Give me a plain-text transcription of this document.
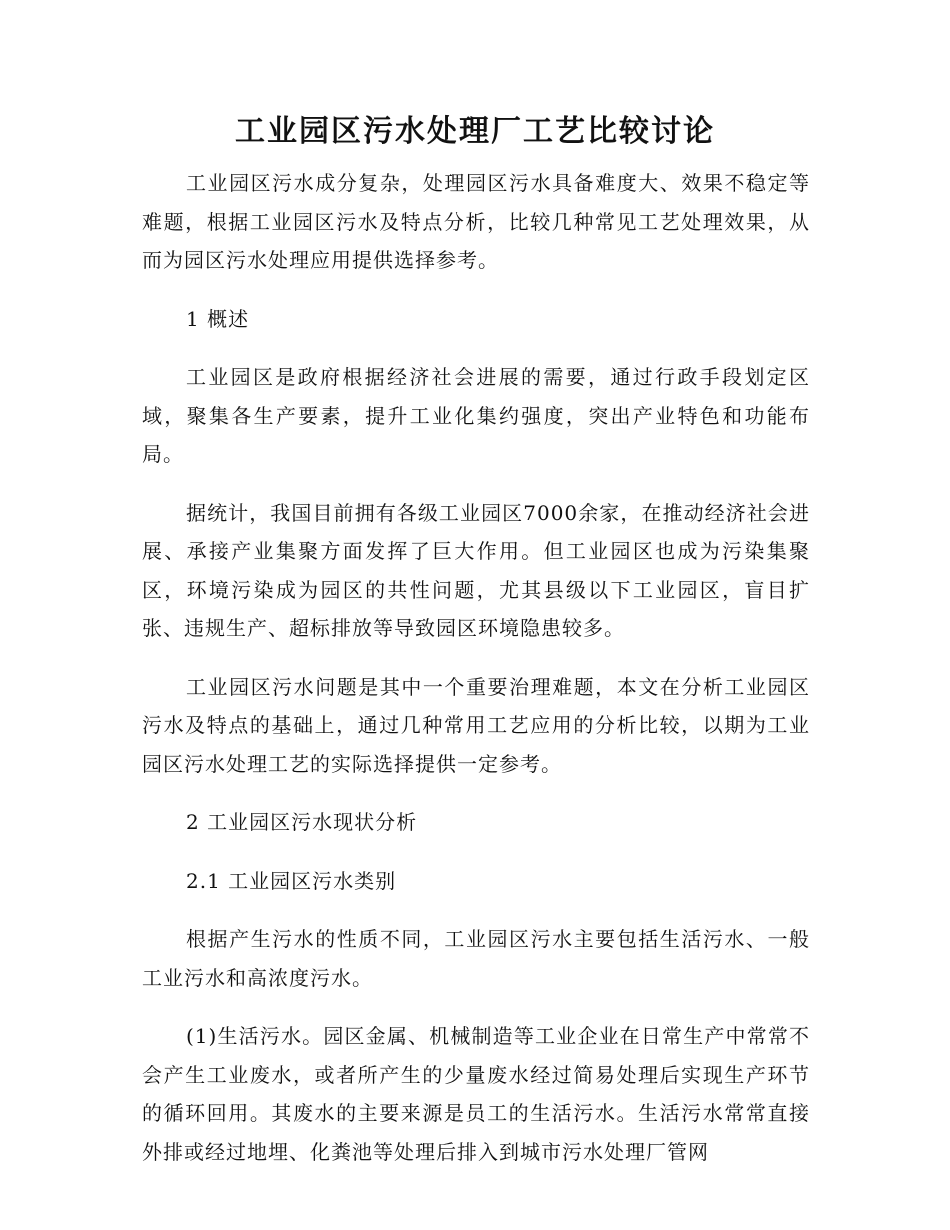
工业园区污水处理厂工艺比较讨论

工业园区污水成分复杂，处理园区污水具备难度大、效果不稳定等难题，根据工业园区污水及特点分析，比较几种常见工艺处理效果，从而为园区污水处理应用提供选择参考。

1 概述

工业园区是政府根据经济社会进展的需要，通过行政手段划定区域，聚集各生产要素，提升工业化集约强度，突出产业特色和功能布局。

据统计，我国目前拥有各级工业园区7000余家，在推动经济社会进展、承接产业集聚方面发挥了巨大作用。但工业园区也成为污染集聚区，环境污染成为园区的共性问题，尤其县级以下工业园区，盲目扩张、违规生产、超标排放等导致园区环境隐患较多。

工业园区污水问题是其中一个重要治理难题，本文在分析工业园区污水及特点的基础上，通过几种常用工艺应用的分析比较，以期为工业园区污水处理工艺的实际选择提供一定参考。

2 工业园区污水现状分析

2.1 工业园区污水类别

根据产生污水的性质不同，工业园区污水主要包括生活污水、一般工业污水和高浓度污水。

(1)生活污水。园区金属、机械制造等工业企业在日常生产中常常不会产生工业废水，或者所产生的少量废水经过简易处理后实现生产环节的循环回用。其废水的主要来源是员工的生活污水。生活污水常常直接外排或经过地埋、化粪池等处理后排入到城市污水处理厂管网
